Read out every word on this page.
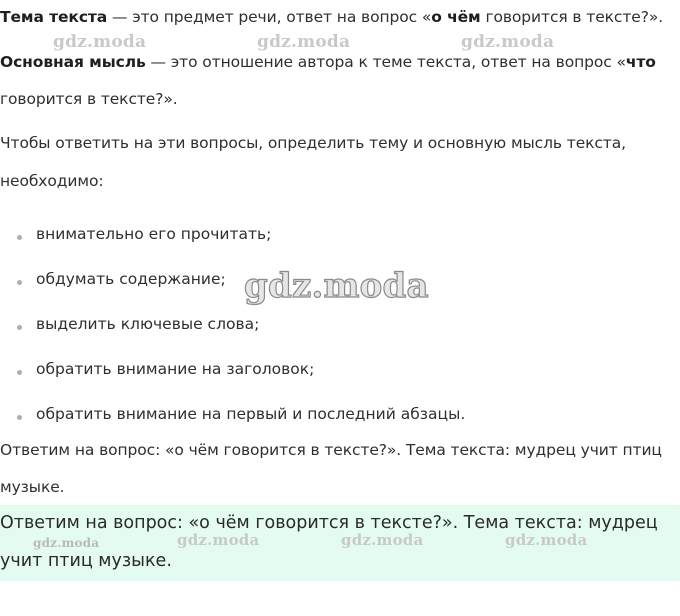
Тема текста — это предмет речи, ответ на вопрос «о чём говорится в тексте?».
gdz.moda	gdz.moda	gdz.moda
Основная мысль — это отношение автора к теме текста, ответ на вопрос «что
говорится в тексте?».
Чтобы ответить на эти вопросы, определить тему и основную мысль текста,
необходимо:
внимательно его прочитать;
обдумать содержание;
выделить ключевые слова;
обратить внимание на заголовок;
обратить внимание на первый и последний абзацы.
gdz.moda
Ответим на вопрос: «о чём говорится в тексте?». Тема текста: мудрец учит птиц
музыке.
Ответим на вопрос: «о чём говорится в тексте?». Тема текста: мудрец
gdz.moda	gdz.moda	gdz.moda	gdz.moda
учит птиц музыке.
